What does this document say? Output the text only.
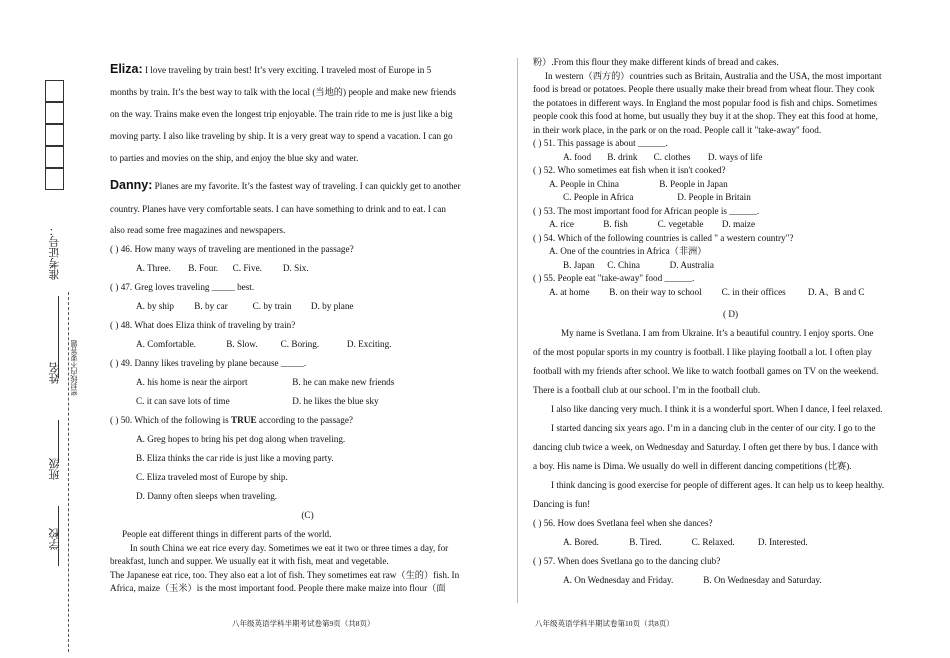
准考证号：
姓名 密封线内不要答题
班级
学校

Eliza: I love traveling by train best! It’s very exciting. I traveled most of Europe in 5

months by train. It’s the best way to talk with the local (当地的) people and make new friends

on the way. Trains make even the longest trip enjoyable. The train ride to me is just like a big

moving party. I also like traveling by ship. It is a very great way to spend a vacation. I can go

to parties and movies on the ship, and enjoy the blue sky and water.

Danny: Planes are my favorite. It’s the fastest way of traveling. I can quickly get to another

country. Planes have very comfortable seats. I can have something to drink and to eat. I can

also read some free magazines and newspapers.

( ) 46. How many ways of traveling are mentioned in the passage?

A. Three. B. Four. C. Five. D. Six.

( ) 47. Greg loves traveling _____ best.

A. by ship B. by car	C. by train D. by plane

( ) 48. What does Eliza think of traveling by train?

A. Comfortable.	B. Slow. C. Boring.	D. Exciting.

( ) 49. Danny likes traveling by plane because _____.

A. his home is near the airport	B. he can make new friends

C. it can save lots of time	D. he likes the blue sky

( ) 50. Which of the following is TRUE according to the passage?

A. Greg hopes to bring his pet dog along when traveling.

B. Eliza thinks the car ride is just like a moving party.

C. Eliza traveled most of Europe by ship.

D. Danny often sleeps when traveling.

(C)

People eat different things in different parts of the world.

In south China we eat rice every day. Sometimes we eat it two or three times a day, for

breakfast, lunch and supper. We usually eat it with fish, meat and vegetable.

The Japanese eat rice, too. They also eat a lot of fish. They sometimes eat raw（生的）fish. In

Africa, maize（玉米）is the most important food. People there make maize into flour（面

八年级英语学科半期考试卷第9页（共8页）

粉）.From this flour they make different kinds of bread and cakes.

In western（西方的）countries such as Britain, Australia and the USA, the most important

food is bread or potatoes. People there usually make their bread from wheat flour. They cook

the potatoes in different ways. In England the most popular food is fish and chips. Sometimes

people cook this food at home, but usually they buy it at the shop. They eat this food at home,

in their work place, in the park or on the road. People call it "take-away" food.

( ) 51. This passage is about ______.

A. food B. drink C. clothes D. ways of life

( ) 52. Who sometimes eat fish when it isn't cooked?

A. People in China	B. People in Japan

C. People in Africa	D. People in Britain

( ) 53. The most important food for African people is ______.

A. rice	B. fish	C. vegetable D. maize

( ) 54. Which of the following countries is called " a western country"?

A. One of the countries in Africa（非洲）

B. Japan C. China	D. Australia

( ) 55. People eat "take-away" food ______.

A. at home B. on their way to school C. in their offices D. A、B and C

( D)

My name is Svetlana. I am from Ukraine. It’s a beautiful country. I enjoy sports. One

of the most popular sports in my country is football. I like playing football a lot. I often play

football with my friends after school. We like to watch football games on TV on the weekend.

There is a football club at our school. I’m in the football club.

I also like dancing very much. I think it is a wonderful sport. When I dance, I feel relaxed.

I started dancing six years ago. I’m in a dancing club in the center of our city. I go to the

dancing club twice a week, on Wednesday and Saturday. I often get there by bus. I dance with

a boy. His name is Dima. We usually do well in different dancing competitions (比赛).

I think dancing is good exercise for people of different ages. It can help us to keep healthy.

Dancing is fun!

( ) 56. How does Svetlana feel when she dances?

A. Bored.	B. Tired.	C. Relaxed.	D. Interested.

( ) 57. When does Svetlana go to the dancing club?

A. On Wednesday and Friday.	B. On Wednesday and Saturday.

八年级英语学科半期试卷第10页（共8页）
